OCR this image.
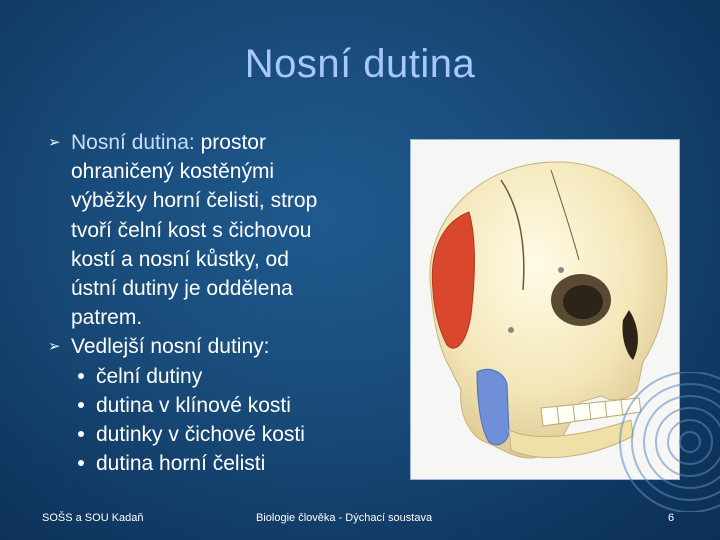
Nosní dutina
➢ Nosní dutina: prostor
ohraničený kostěnými
výběžky horní čelisti, strop
tvoří čelní kost s čichovou
kostí a nosní kůstky, od
ústní dutiny je oddělena
patrem.
➢ Vedlejší nosní dutiny:
čelní dutiny
dutina v klínové kosti
dutinky v čichové kosti
dutina horní čelisti
SOŠS a SOU Kadaň	Biologie člověka - Dýchací soustava	6
